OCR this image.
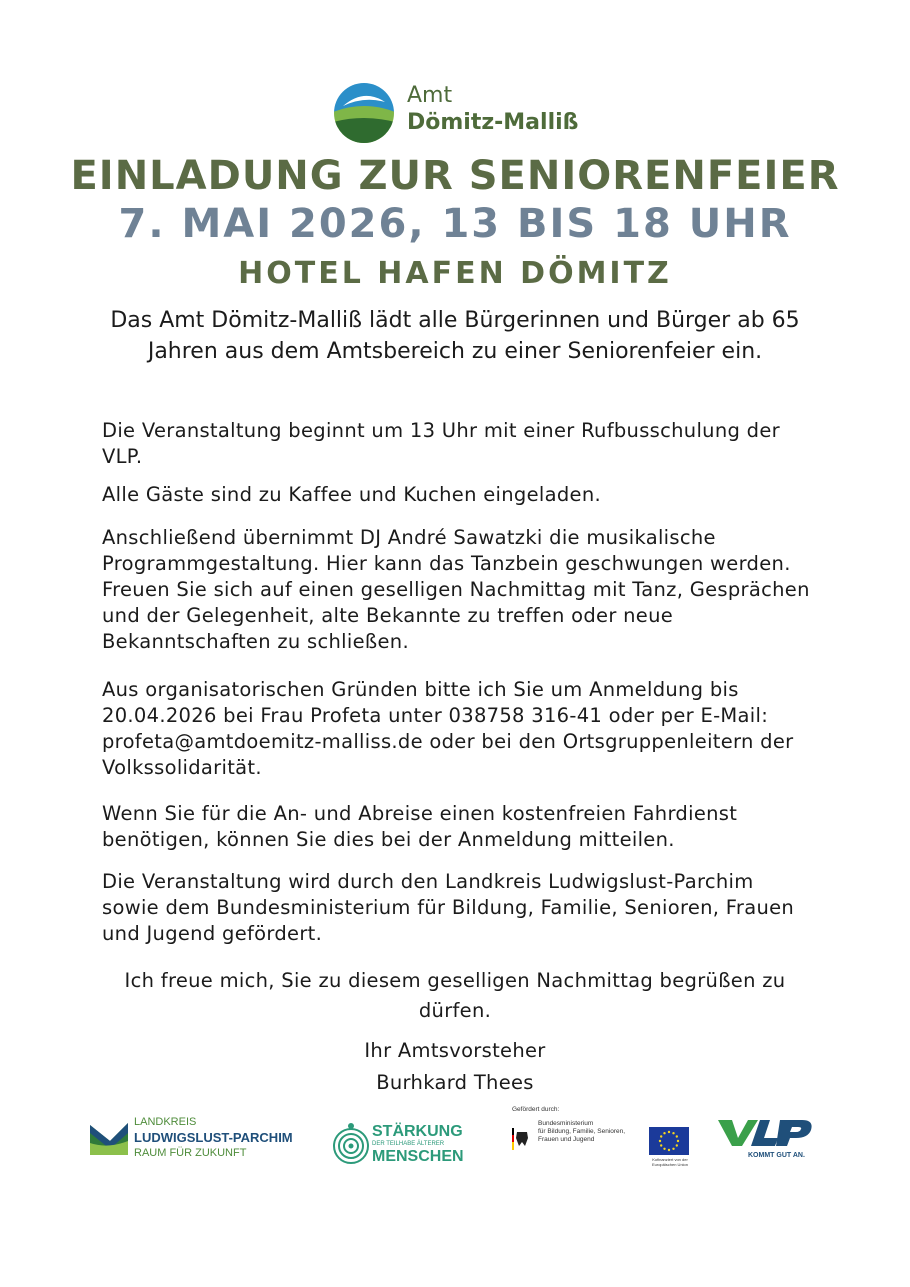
Amt
Dömitz-Malliß
EINLADUNG ZUR SENIORENFEIER
7. MAI 2026, 13 BIS 18 UHR
HOTEL HAFEN DÖMITZ
Das Amt Dömitz-Malliß lädt alle Bürgerinnen und Bürger ab 65 Jahren aus dem Amtsbereich zu einer Seniorenfeier ein.
Die Veranstaltung beginnt um 13 Uhr mit einer Rufbusschulung der VLP.
Alle Gäste sind zu Kaffee und Kuchen eingeladen.
Anschließend übernimmt DJ André Sawatzki die musikalische Programmgestaltung. Hier kann das Tanzbein geschwungen werden. Freuen Sie sich auf einen geselligen Nachmittag mit Tanz, Gesprächen und der Gelegenheit, alte Bekannte zu treffen oder neue Bekanntschaften zu schließen.
Aus organisatorischen Gründen bitte ich Sie um Anmeldung bis 20.04.2026 bei Frau Profeta unter 038758 316-41 oder per E-Mail: profeta@amtdoemitz-malliss.de oder bei den Ortsgruppenleitern der Volkssolidarität.
Wenn Sie für die An- und Abreise einen kostenfreien Fahrdienst benötigen, können Sie dies bei der Anmeldung mitteilen.
Die Veranstaltung wird durch den Landkreis Ludwigslust-Parchim sowie dem Bundesministerium für Bildung, Familie, Senioren, Frauen und Jugend gefördert.
Ich freue mich, Sie zu diesem geselligen Nachmittag begrüßen zu dürfen.
Ihr Amtsvorsteher
Burhkard Thees
LANDKREIS
LUDWIGSLUST-PARCHIM
RAUM FÜR ZUKUNFT
STÄRKUNG
DER TEILHABE ÄLTERER
MENSCHEN
Gefördert durch:
Bundesministerium
für Bildung, Familie, Senioren,
Frauen und Jugend
Kofinanziert von der Europäischen Union
KOMMT GUT AN.
